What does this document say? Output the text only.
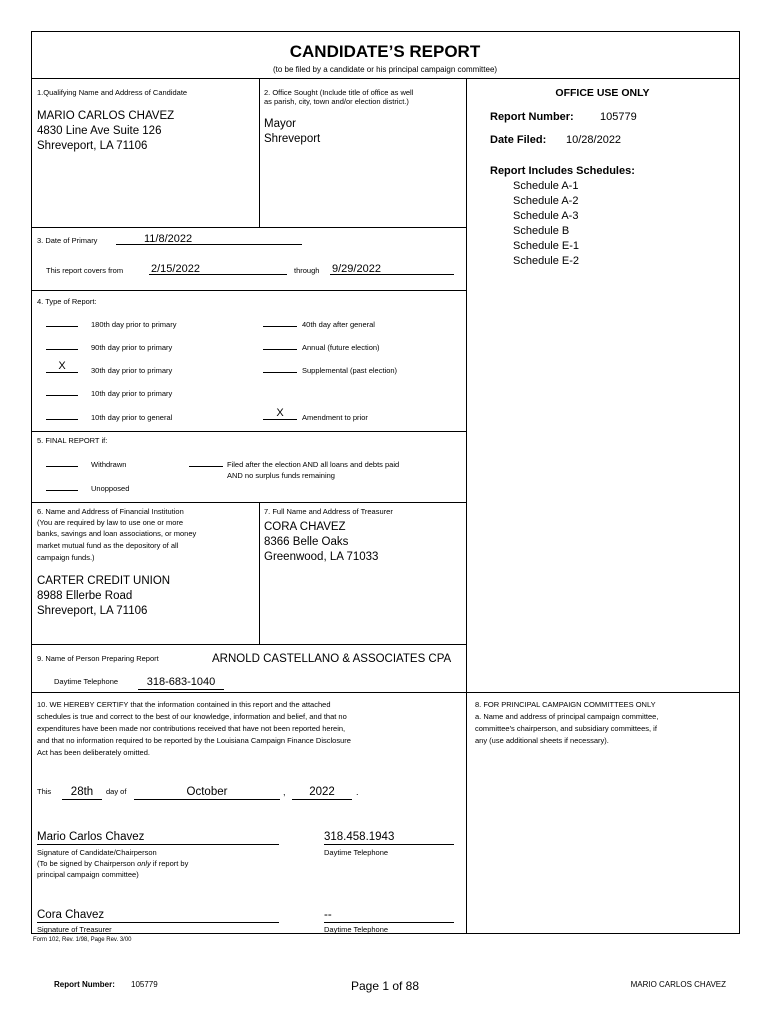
CANDIDATE’S REPORT
(to be filed by a candidate or his principal campaign committee)
1.Qualifying Name and Address of Candidate
MARIO CARLOS CHAVEZ
4830 Line Ave Suite 126
Shreveport, LA 71106
2. Office Sought (Include title of office as well
as parish, city, town and/or election district.)
Mayor
Shreveport
OFFICE USE ONLY
Report Number: 105779
Date Filed: 10/28/2022
Report Includes Schedules:
Schedule A-1
Schedule A-2
Schedule A-3
Schedule B
Schedule E-1
Schedule E-2
3. Date of Primary	11/8/2022
This report covers from	2/15/2022	through 9/29/2022
4. Type of Report:
180th day prior to primary
90th day prior to primary
X	30th day prior to primary
10th day prior to primary
10th day prior to general
40th day after general
Annual (future election)
Supplemental (past election)
X	Amendment to prior
5. FINAL REPORT if:
Withdrawn
Unopposed
Filed after the election AND all loans and debts paid
AND no surplus funds remaining
6. Name and Address of Financial Institution
(You are required by law to use one or more
banks, savings and loan associations, or money
market mutual fund as the depository of all
campaign funds.)
CARTER CREDIT UNION
8988 Ellerbe Road
Shreveport, LA 71106
7. Full Name and Address of Treasurer
CORA CHAVEZ
8366 Belle Oaks
Greenwood, LA 71033
9. Name of Person Preparing Report	ARNOLD CASTELLANO & ASSOCIATES CPA
Daytime Telephone	318-683-1040
10. WE HEREBY CERTIFY that the information contained in this report and the attached
schedules is true and correct to the best of our knowledge, information and belief, and that no
expenditures have been made nor contributions received that have not been reported herein,
and that no information required to be reported by the Louisiana Campaign Finance Disclosure
Act has been deliberately omitted.
This	28th	day of	October	,	2022	.
Mario Carlos Chavez
Signature of Candidate/Chairperson
(To be signed by Chairperson only if report by
principal campaign committee)
318.458.1943
Daytime Telephone
Cora Chavez
Signature of Treasurer
--
Daytime Telephone
8. FOR PRINCIPAL CAMPAIGN COMMITTEES ONLY
a. Name and address of principal campaign committee,
committee's chairperson, and subsidiary committees, if
any (use additional sheets if necessary).
Form 102, Rev. 1/98, Page Rev. 3/00
Report Number: 105779	Page 1 of 88	MARIO CARLOS CHAVEZ
